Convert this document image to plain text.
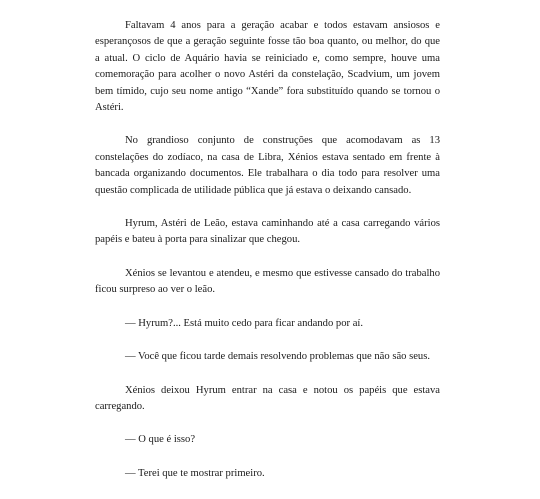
Faltavam 4 anos para a geração acabar e todos estavam ansiosos e esperançosos de que a geração seguinte fosse tão boa quanto, ou melhor, do que a atual. O ciclo de Aquário havia se reiniciado e, como sempre, houve uma comemoração para acolher o novo Astéri da constelação, Scadvium, um jovem bem tímido, cujo seu nome antigo “Xande” fora substituído quando se tornou o Astéri.

No grandioso conjunto de construções que acomodavam as 13 constelações do zodíaco, na casa de Libra, Xénios estava sentado em frente à bancada organizando documentos. Ele trabalhara o dia todo para resolver uma questão complicada de utilidade pública que já estava o deixando cansado.

Hyrum, Astéri de Leão, estava caminhando até a casa carregando vários papéis e bateu à porta para sinalizar que chegou.

Xénios se levantou e atendeu, e mesmo que estivesse cansado do trabalho ficou surpreso ao ver o leão.

— Hyrum?... Está muito cedo para ficar andando por aí.

— Você que ficou tarde demais resolvendo problemas que não são seus.

Xénios deixou Hyrum entrar na casa e notou os papéis que estava carregando.

— O que é isso?

— Terei que te mostrar primeiro.
